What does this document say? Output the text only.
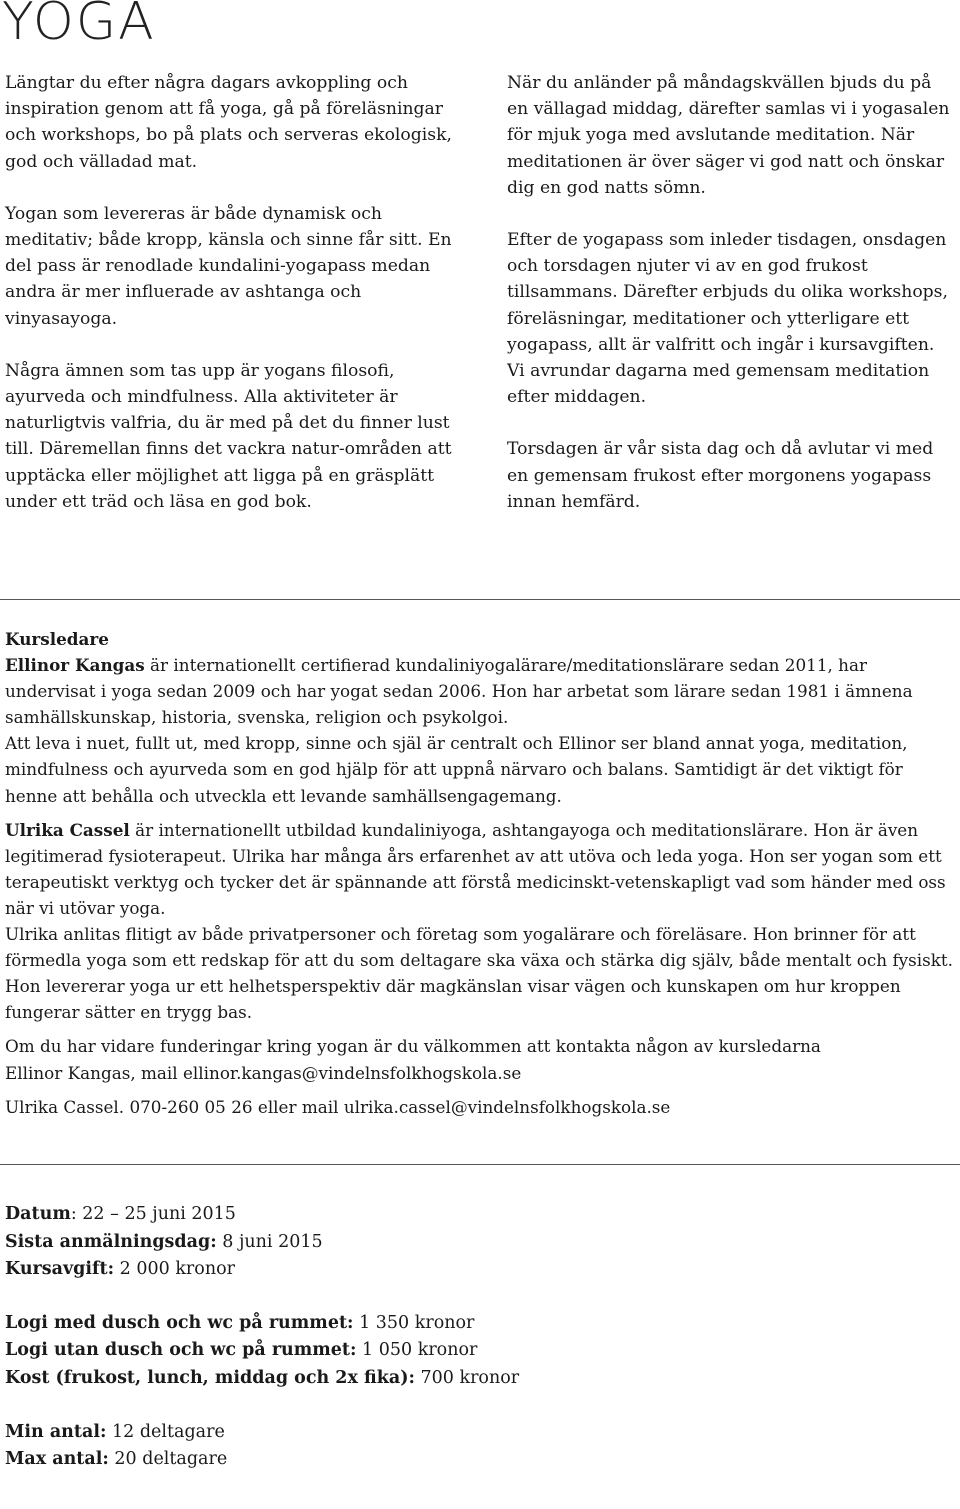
YOGA

Längtar du efter några dagars avkoppling och inspiration genom att få yoga, gå på föreläsningar och workshops, bo på plats och serveras ekologisk, god och välladad mat.

Yogan som levereras är både dynamisk och meditativ; både kropp, känsla och sinne får sitt. En del pass är renodlade kundalini-yogapass medan andra är mer influerade av ashtanga och vinyasayoga.

Några ämnen som tas upp är yogans filosofi, ayurveda och mindfulness. Alla aktiviteter är naturligtvis valfria, du är med på det du finner lust till. Däremellan finns det vackra natur-områden att upptäcka eller möjlighet att ligga på en gräsplätt under ett träd och läsa en god bok.

När du anländer på måndagskvällen bjuds du på en vällagad middag, därefter samlas vi i yogasalen för mjuk yoga med avslutande meditation. När meditationen är över säger vi god natt och önskar dig en god natts sömn.

Efter de yogapass som inleder tisdagen, onsdagen och torsdagen njuter vi av en god frukost tillsammans. Därefter erbjuds du olika workshops, föreläsningar, meditationer och ytterligare ett yogapass, allt är valfritt och ingår i kursavgiften. Vi avrundar dagarna med gemensam meditation efter middagen.

Torsdagen är vår sista dag och då avlutar vi med en gemensam frukost efter morgonens yogapass innan hemfärd.

Kursledare

Ellinor Kangas är internationellt certifierad kundaliniyogalärare/meditationslärare sedan 2011, har undervisat i yoga sedan 2009 och har yogat sedan 2006. Hon har arbetat som lärare sedan 1981 i ämnena samhällskunskap, historia, svenska, religion och psykolgoi.

Att leva i nuet, fullt ut, med kropp, sinne och själ är centralt och Ellinor ser bland annat yoga, meditation, mindfulness och ayurveda som en god hjälp för att uppnå närvaro och balans. Samtidigt är det viktigt för henne att behålla och utveckla ett levande samhällsengagemang.

Ulrika Cassel är internationellt utbildad kundaliniyoga, ashtangayoga och meditationslärare. Hon är även legitimerad fysioterapeut. Ulrika har många års erfarenhet av att utöva och leda yoga. Hon ser yogan som ett terapeutiskt verktyg och tycker det är spännande att förstå medicinskt-vetenskapligt vad som händer med oss när vi utövar yoga.

Ulrika anlitas flitigt av både privatpersoner och företag som yogalärare och föreläsare. Hon brinner för att förmedla yoga som ett redskap för att du som deltagare ska växa och stärka dig själv, både mentalt och fysiskt. Hon levererar yoga ur ett helhetsperspektiv där magkänslan visar vägen och kunskapen om hur kroppen fungerar sätter en trygg bas.

Om du har vidare funderingar kring yogan är du välkommen att kontakta någon av kursledarna

Ellinor Kangas, mail ellinor.kangas@vindelnsfolkhogskola.se

Ulrika Cassel. 070-260 05 26 eller mail ulrika.cassel@vindelnsfolkhogskola.se

Datum: 22 – 25 juni 2015

Sista anmälningsdag: 8 juni 2015

Kursavgift: 2 000 kronor

Logi med dusch och wc på rummet: 1 350 kronor

Logi utan dusch och wc på rummet: 1 050 kronor

Kost (frukost, lunch, middag och 2x fika): 700 kronor

Min antal: 12 deltagare

Max antal: 20 deltagare
